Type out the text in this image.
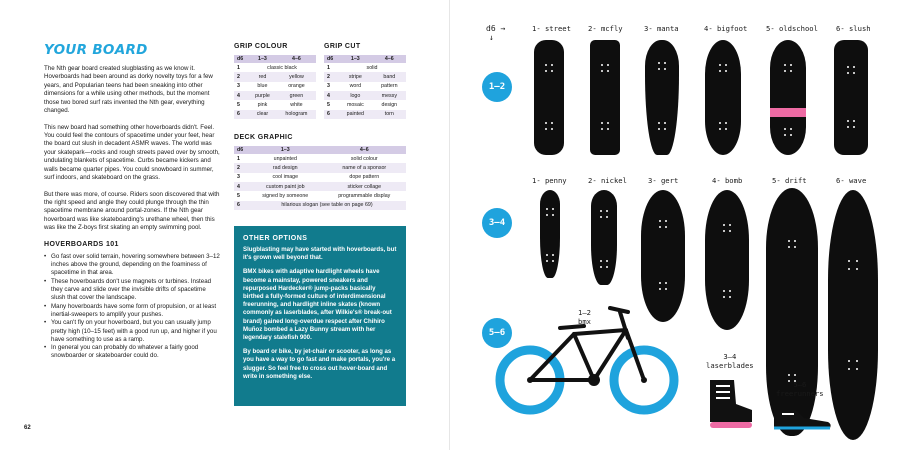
YOUR BOARD

The Nth gear board created slugblasting as we know it. Hoverboards had been around as dorky novelty toys for a few years, and Popularian teens had been sneaking into other dimensions for a while using other methods, but the moment those two bored surf rats invented the Nth gear, everything changed.

This new board had something other hoverboards didn't. Feel. You could feel the contours of spacetime under your feet, hear the board cut slush in decadent ASMR waves. The world was your skatepark—rocks and rough streets paved over by smooth, undulating blankets of spacetime. Curbs became kickers and walls became quarter pipes. You could snowboard in summer, surf indoors, and skateboard on the grass.

But there was more, of course. Riders soon discovered that with the right speed and angle they could plunge through the thin spacetime membrane around portal-zones. If the Nth gear hoverboard was like skateboarding's urethane wheel, then this was like the Z-boys first skating an empty swimming pool.

HOVERBOARDS 101
• Go fast over solid terrain, hovering somewhere between 3–12 inches above the ground, depending on the foaminess of spacetime in that area.
• These hoverboards don't use magnets or turbines. Instead they carve and slide over the invisible drifts of spacetime slush that cover the landscape.
• Many hoverboards have some form of propulsion, or at least inertial-sweepers to amplify your pushes.
• You can't fly on your hoverboard, but you can usually jump pretty high (10–15 feet) with a good run up, and higher if you have something to use as a ramp.
• In general you can probably do whatever a fairly good snowboarder or skateboarder could do.
GRIP COLOUR
d6	1–3	4–6
1	classic black	
2	red	yellow
3	blue	orange
4	purple	green
5	pink	white
6	clear	hologram
GRIP CUT
d6	1–3	4–6
1	solid	
2	stripe	band
3	word	pattern
4	logo	messy
5	mosaic	design
6	painted	torn
DECK GRAPHIC
d6	1–3	4–6
1	unpainted	solid colour
2	rad design	name of a sponsor
3	cool image	dope pattern
4	custom paint job	sticker collage
5	signed by someone	programmable display
6	hilarious slogan (see table on page 69)	
OTHER OPTIONS

Slugblasting may have started with hoverboards, but it's grown well beyond that.

BMX bikes with adaptive hardlight wheels have become a mainstay, powered sneakers and repurposed Hardecker® jump-packs basically birthed a fully-formed culture of interdimensional freerunning, and hardlight inline skates (known commonly as laserblades, after Wilkie's® break-out brand) gained long-overdue respect after Chihiro Muñoz bombed a Lazy Bunny stream with her legendary stalefish 900.

By board or bike, by jet-chair or scooter, as long as you have a way to go fast and make portals, you're a slugger. So feel free to cross out hover-board and write in something else.

62
d6 →
↓
1–2
3–4
5–6
1- street 2- mcfly	3- manta	4- bigfoot	5- oldschool	6- slush
1- penny	2- nickel	3- gert	4- bomb	5- drift	6- wave
1–2
bmx
3–4
laserblades
5–6
freerunners
